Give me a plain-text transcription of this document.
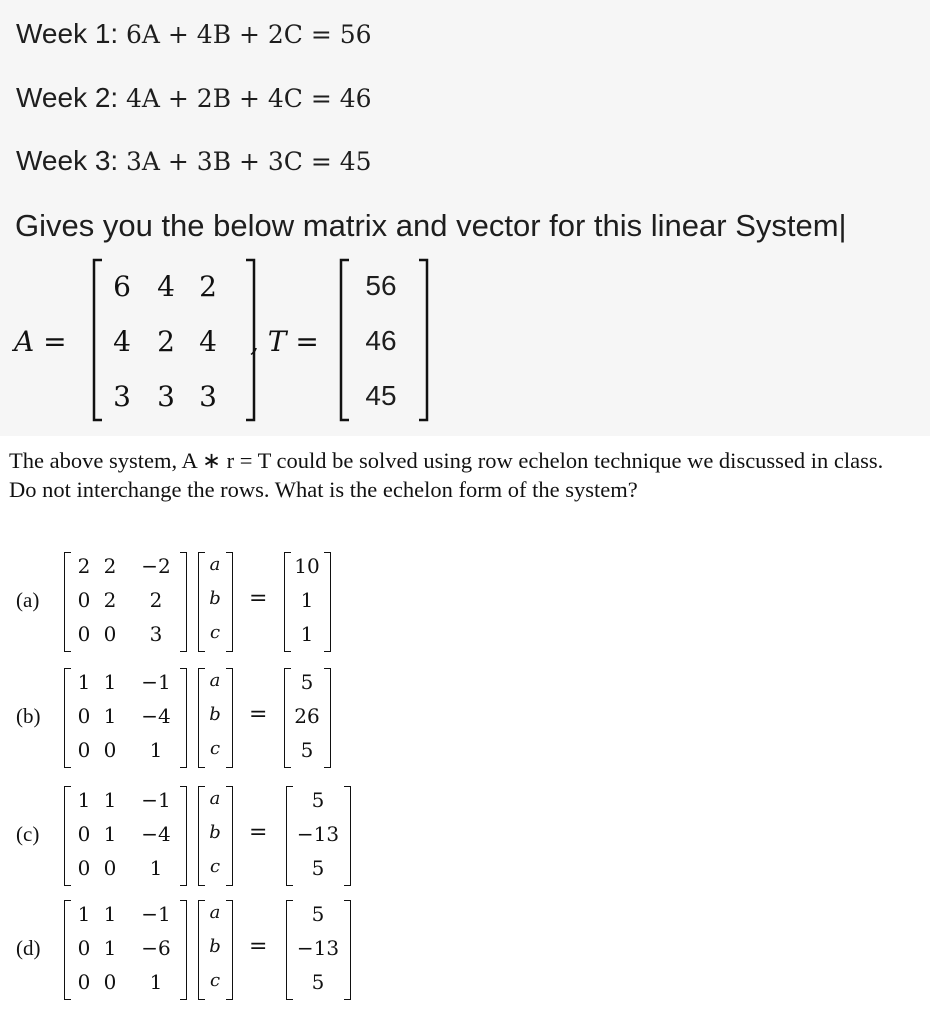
Week 1: 6A + 4B + 2C = 56
Week 2: 4A + 2B + 4C = 46
Week 3: 3A + 3B + 3C = 45
Gives you the below matrix and vector for this linear System|
A =
6 4 2
4 2 4
3 3 3
, T =
56
46
45
The above system, A ∗ r = T could be solved using row echelon technique we discussed in class. Do not interchange the rows. What is the echelon form of the system?
(a)
2 2	−2
0 2	2
0 0	3
a
b
c
=
10
1
1
(b)
1 1	−1
0 1	−4
0 0	1
a
b
c
=
5
26
5
(c)
1 1	−1
0 1	−4
0 0	1
a
b
c
=
5
−13
5
(d)
1 1	−1
0 1	−6
0 0	1
a
b
c
=
5
−13
5
